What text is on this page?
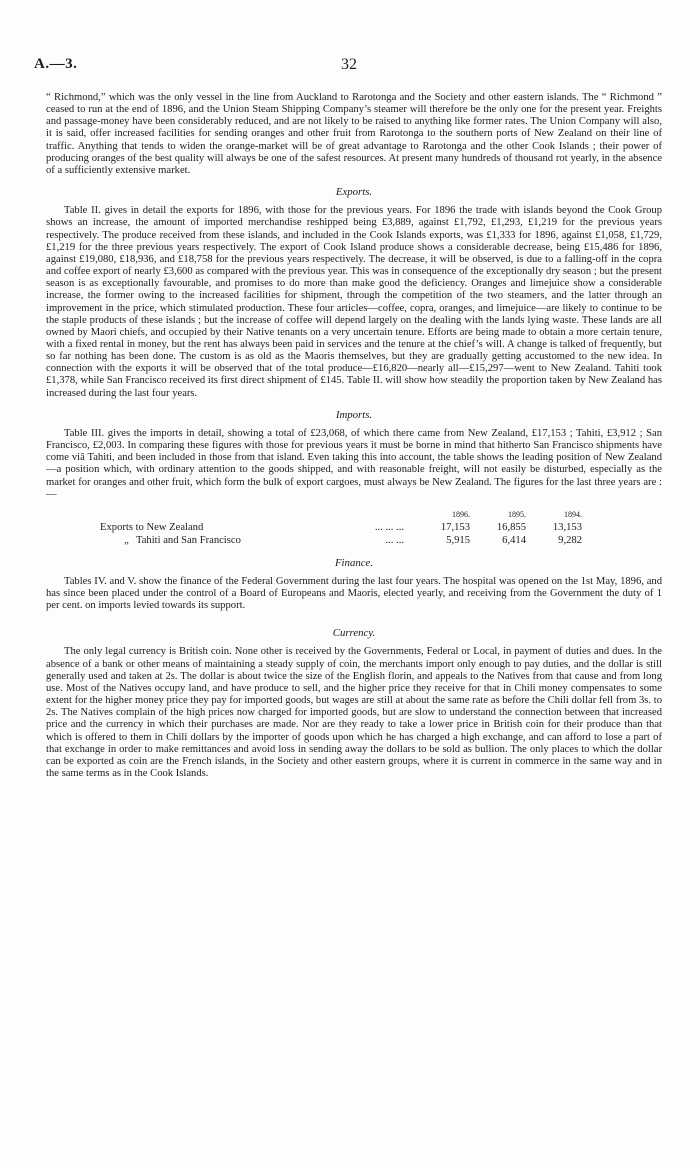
A.—3.	32

“ Richmond,” which was the only vessel in the line from Auckland to Rarotonga and the Society and other eastern islands. The “ Richmond ” ceased to run at the end of 1896, and the Union Steam Shipping Company’s steamer will therefore be the only one for the present year. Freights and passage-money have been considerably reduced, and are not likely to be raised to anything like former rates. The Union Company will also, it is said, offer increased facilities for sending oranges and other fruit from Rarotonga to the southern ports of New Zealand on their line of traffic. Anything that tends to widen the orange-market will be of great advantage to Rarotonga and the other Cook Islands ; their power of producing oranges of the best quality will always be one of the safest resources. At present many hundreds of thousand rot yearly, in the absence of a sufficiently extensive market.

Exports.

Table II. gives in detail the exports for 1896, with those for the previous years. For 1896 the trade with islands beyond the Cook Group shows an increase, the amount of imported merchandise reshipped being £3,889, against £1,792, £1,293, £1,219 for the previous years respectively. The produce received from these islands, and included in the Cook Islands exports, was £1,333 for 1896, against £1,058, £1,729, £1,219 for the three previous years respectively. The export of Cook Island produce shows a considerable decrease, being £15,486 for 1896, against £19,080, £18,936, and £18,758 for the previous years respectively. The decrease, it will be observed, is due to a falling-off in the copra and coffee export of nearly £3,600 as compared with the previous year. This was in consequence of the exceptionally dry season ; but the present season is as exceptionally favourable, and promises to do more than make good the deficiency. Oranges and limejuice show a considerable increase, the former owing to the increased facilities for shipment, through the competition of the two steamers, and the latter through an improvement in the price, which stimulated production. These four articles—coffee, copra, oranges, and limejuice—are likely to continue to be the staple products of these islands ; but the increase of coffee will depend largely on the dealing with the lands lying waste. These lands are all owned by Maori chiefs, and occupied by their Native tenants on a very uncertain tenure. Efforts are being made to obtain a more certain tenure, with a fixed rental in money, but the rent has always been paid in services and the tenure at the chief’s will. A change is talked of frequently, but so far nothing has been done. The custom is as old as the Maoris themselves, but they are gradually getting accustomed to the new idea. In connection with the exports it will be observed that of the total produce—£16,820—nearly all—£15,297—went to New Zealand. Tahiti took £1,378, while San Francisco received its first direct shipment of £145. Table II. will show how steadily the proportion taken by New Zealand has increased during the last four years.

Imports.

Table III. gives the imports in detail, showing a total of £23,068, of which there came from New Zealand, £17,153 ; Tahiti, £3,912 ; San Francisco, £2,003. In comparing these figures with those for previous years it must be borne in mind that hitherto San Francisco shipments have come viâ Tahiti, and been included in those from that island. Even taking this into account, the table shows the leading position of New Zealand—a position which, with ordinary attention to the goods shipped, and with reasonable freight, will not easily be disturbed, especially as the market for oranges and other fruit, which form the bulk of export cargoes, must always be New Zealand. The figures for the last three years are :—

		1896.	1895.	1894.
Exports to New Zealand	... ... ...	17,153	16,855	13,153
„ Tahiti and San Francisco	... ...	5,915	6,414	9,282
Finance.

Tables IV. and V. show the finance of the Federal Government during the last four years. The hospital was opened on the 1st May, 1896, and has since been placed under the control of a Board of Europeans and Maoris, elected yearly, and receiving from the Government the duty of 1 per cent. on imports levied towards its support.

Currency.

The only legal currency is British coin. None other is received by the Governments, Federal or Local, in payment of duties and dues. In the absence of a bank or other means of maintaining a steady supply of coin, the merchants import only enough to pay duties, and the dollar is still generally used and taken at 2s. The dollar is about twice the size of the English florin, and appeals to the Natives from that cause and from long use. Most of the Natives occupy land, and have produce to sell, and the higher price they receive for that in Chili money compensates to some extent for the higher money price they pay for imported goods, but wages are still at about the same rate as before the Chili dollar fell from 3s. to 2s. The Natives complain of the high prices now charged for imported goods, but are slow to understand the connection between that increased price and the currency in which their purchases are made. Nor are they ready to take a lower price in British coin for their produce than that which is offered to them in Chili dollars by the importer of goods upon which he has charged a high exchange, and can afford to lose a part of that exchange in order to make remittances and avoid loss in sending away the dollars to be sold as bullion. The only places to which the dollar can be exported as coin are the French islands, in the Society and other eastern groups, where it is current in commerce in the same way and in the same terms as in the Cook Islands.
